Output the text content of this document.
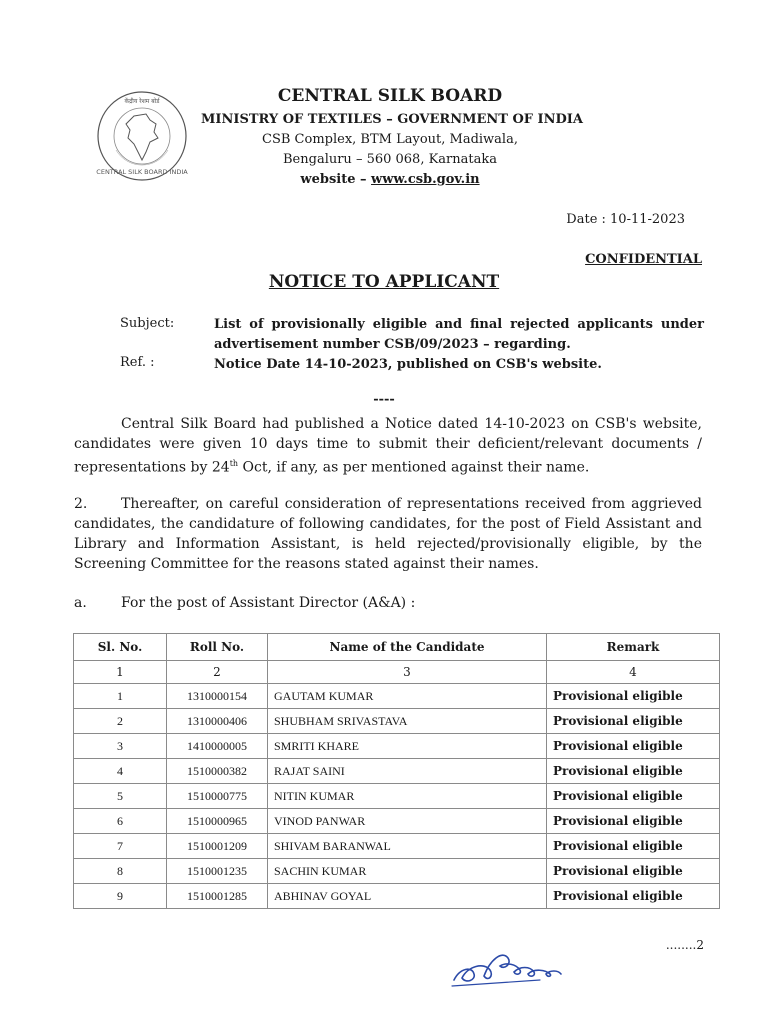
CENTRAL SILK BOARD INDIA
केंद्रीय रेशम बोर्ड	CENTRAL SILK BOARD
MINISTRY OF TEXTILES – GOVERNMENT OF INDIA
CSB Complex, BTM Layout, Madiwala,
Bengaluru – 560 068, Karnataka
website – www.csb.gov.in
Date : 10-11-2023
CONFIDENTIAL
NOTICE TO APPLICANT
Subject:	List of provisionally eligible and final rejected applicants under advertisement number CSB/09/2023 – regarding.
Ref. :	Notice Date 14-10-2023, published on CSB's website.
----
Central Silk Board had published a Notice dated 14-10-2023 on CSB's website, candidates were given 10 days time to submit their deficient/relevant documents / representations by 24th Oct, if any, as per mentioned against their name.
2. Thereafter, on careful consideration of representations received from aggrieved candidates, the candidature of following candidates, for the post of Field Assistant and Library and Information Assistant, is held rejected/provisionally eligible, by the Screening Committee for the reasons stated against their names.
a. For the post of Assistant Director (A&A) :
Sl. No.	Roll No.	Name of the Candidate	Remark
1	2	3	4
1	1310000154	GAUTAM KUMAR	Provisional eligible
2	1310000406	SHUBHAM SRIVASTAVA	Provisional eligible
3	1410000005	SMRITI KHARE	Provisional eligible
4	1510000382	RAJAT SAINI	Provisional eligible
5	1510000775	NITIN KUMAR	Provisional eligible
6	1510000965	VINOD PANWAR	Provisional eligible
7	1510001209	SHIVAM BARANWAL	Provisional eligible
8	1510001235	SACHIN KUMAR	Provisional eligible
9	1510001285	ABHINAV GOYAL	Provisional eligible
........2
